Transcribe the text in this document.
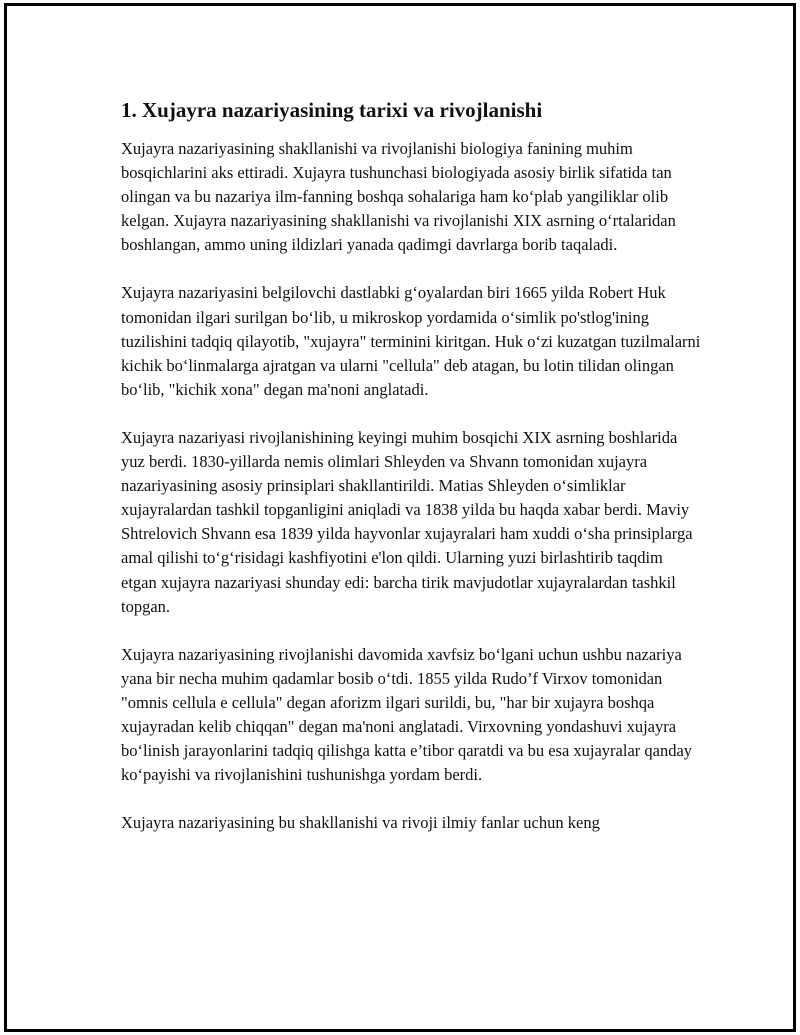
1. Xujayra nazariyasining tarixi va rivojlanishi

Xujayra nazariyasining shakllanishi va rivojlanishi biologiya fanining muhim bosqichlarini aks ettiradi. Xujayra tushunchasi biologiyada asosiy birlik sifatida tan olingan va bu nazariya ilm-fanning boshqa sohalariga ham ko‘plab yangiliklar olib kelgan. Xujayra nazariyasining shakllanishi va rivojlanishi XIX asrning o‘rtalaridan boshlangan, ammo uning ildizlari yanada qadimgi davrlarga borib taqaladi.

Xujayra nazariyasini belgilovchi dastlabki g‘oyalardan biri 1665 yilda Robert Huk tomonidan ilgari surilgan bo‘lib, u mikroskop yordamida o‘simlik po'stlog'ining tuzilishini tadqiq qilayotib, "xujayra" terminini kiritgan. Huk o‘zi kuzatgan tuzilmalarni kichik bo‘linmalarga ajratgan va ularni "cellula" deb atagan, bu lotin tilidan olingan bo‘lib, "kichik xona" degan ma'noni anglatadi.

Xujayra nazariyasi rivojlanishining keyingi muhim bosqichi XIX asrning boshlarida yuz berdi. 1830-yillarda nemis olimlari Shleyden va Shvann tomonidan xujayra nazariyasining asosiy prinsiplari shakllantirildi. Matias Shleyden o‘simliklar xujayralardan tashkil topganligini aniqladi va 1838 yilda bu haqda xabar berdi. Maviy Shtrelovich Shvann esa 1839 yilda hayvonlar xujayralari ham xuddi o‘sha prinsiplarga amal qilishi to‘g‘risidagi kashfiyotini e'lon qildi. Ularning yuzi birlashtirib taqdim etgan xujayra nazariyasi shunday edi: barcha tirik mavjudotlar xujayralardan tashkil topgan.

Xujayra nazariyasining rivojlanishi davomida xavfsiz bo‘lgani uchun ushbu nazariya yana bir necha muhim qadamlar bosib o‘tdi. 1855 yilda Rudo’f Virxov tomonidan "omnis cellula e cellula" degan aforizm ilgari surildi, bu, "har bir xujayra boshqa xujayradan kelib chiqqan" degan ma'noni anglatadi. Virxovning yondashuvi xujayra bo‘linish jarayonlarini tadqiq qilishga katta e’tibor qaratdi va bu esa xujayralar qanday ko‘payishi va rivojlanishini tushunishga yordam berdi.

Xujayra nazariyasining bu shakllanishi va rivoji ilmiy fanlar uchun keng
